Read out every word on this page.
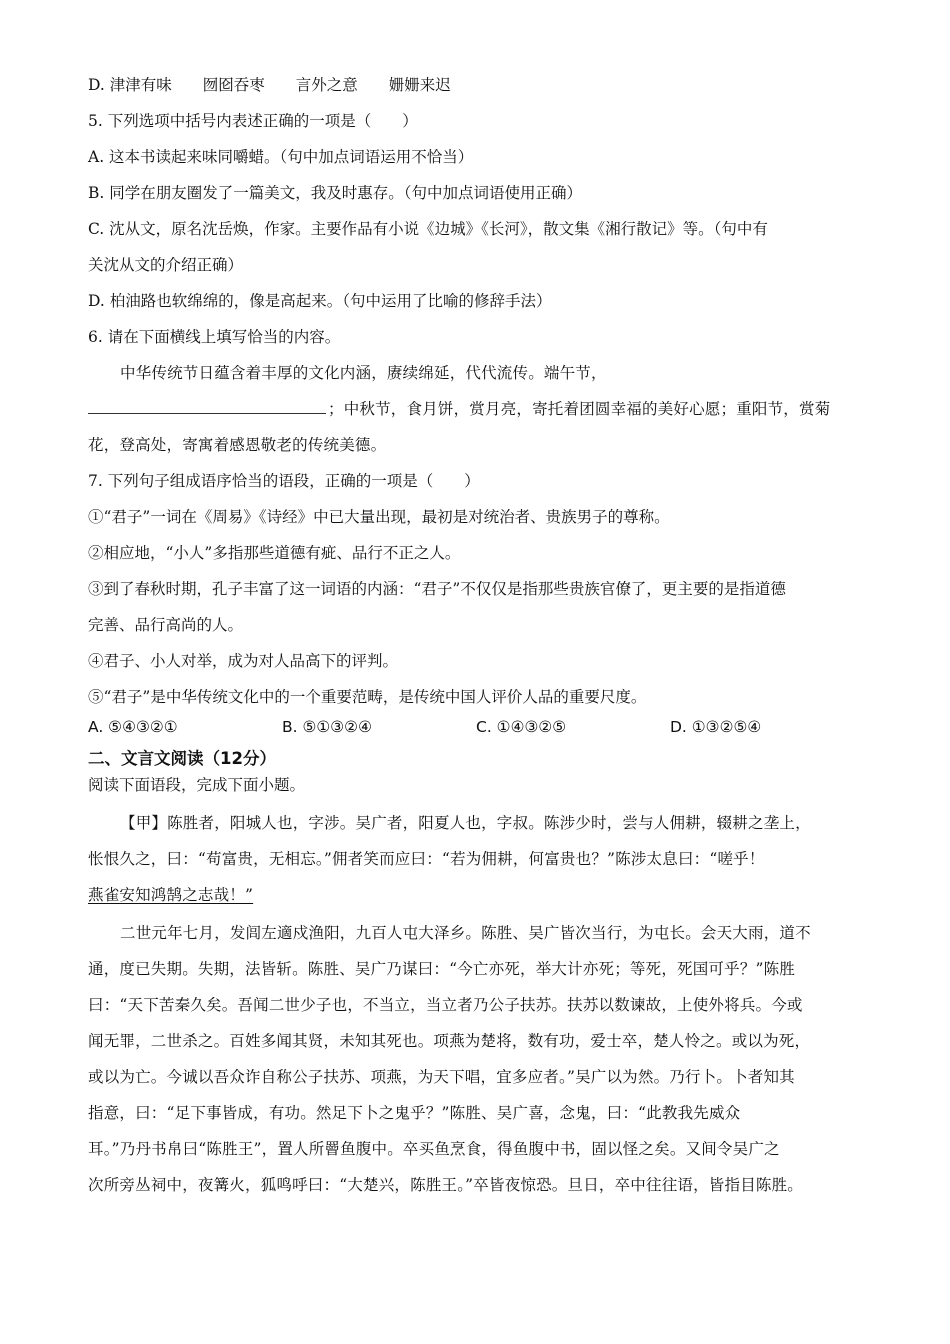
D. 津津有味　　囫囵吞枣　　言外之意　　姗姗来迟
5. 下列选项中括号内表述正确的一项是（　　）
A. 这本书读起来味同嚼蜡。（句中加点词语运用不恰当）
B. 同学在朋友圈发了一篇美文，我及时惠存。（句中加点词语使用正确）
C. 沈从文，原名沈岳焕，作家。主要作品有小说《边城》《长河》，散文集《湘行散记》等。（句中有
关沈从文的介绍正确）
D. 柏油路也软绵绵的，像是高起来。（句中运用了比喻的修辞手法）
6. 请在下面横线上填写恰当的内容。
中华传统节日蕴含着丰厚的文化内涵，赓续绵延，代代流传。端午节，
；中秋节，食月饼，赏月亮，寄托着团圆幸福的美好心愿；重阳节，赏菊
花，登高处，寄寓着感恩敬老的传统美德。
7. 下列句子组成语序恰当的语段，正确的一项是（　　）
①“君子”一词在《周易》《诗经》中已大量出现，最初是对统治者、贵族男子的尊称。
②相应地，“小人”多指那些道德有疵、品行不正之人。
③到了春秋时期，孔子丰富了这一词语的内涵：“君子”不仅仅是指那些贵族官僚了，更主要的是指道德
完善、品行高尚的人。
④君子、小人对举，成为对人品高下的评判。
⑤“君子”是中华传统文化中的一个重要范畴，是传统中国人评价人品的重要尺度。
A. ⑤④③②①	B. ⑤①③②④	C. ①④③②⑤	D. ①③②⑤④
二、文言文阅读（12分）
阅读下面语段，完成下面小题。
【甲】陈胜者，阳城人也，字涉。吴广者，阳夏人也，字叔。陈涉少时，尝与人佣耕，辍耕之垄上，
怅恨久之，曰：“苟富贵，无相忘。”佣者笑而应曰：“若为佣耕，何富贵也？”陈涉太息曰：“嗟乎！
燕雀安知鸿鹄之志哉！”
二世元年七月，发闾左適戍渔阳，九百人屯大泽乡。陈胜、吴广皆次当行，为屯长。会天大雨，道不
通，度已失期。失期，法皆斩。陈胜、吴广乃谋曰：“今亡亦死，举大计亦死；等死，死国可乎？”陈胜
曰：“天下苦秦久矣。吾闻二世少子也，不当立，当立者乃公子扶苏。扶苏以数谏故，上使外将兵。今或
闻无罪，二世杀之。百姓多闻其贤，未知其死也。项燕为楚将，数有功，爱士卒，楚人怜之。或以为死，
或以为亡。今诚以吾众诈自称公子扶苏、项燕，为天下唱，宜多应者。”吴广以为然。乃行卜。卜者知其
指意，曰：“足下事皆成，有功。然足下卜之鬼乎？”陈胜、吴广喜，念鬼，曰：“此教我先威众
耳。”乃丹书帛曰“陈胜王”，置人所罾鱼腹中。卒买鱼烹食，得鱼腹中书，固以怪之矣。又间令吴广之
次所旁丛祠中，夜篝火，狐鸣呼曰：“大楚兴，陈胜王。”卒皆夜惊恐。旦日，卒中往往语，皆指目陈胜。
